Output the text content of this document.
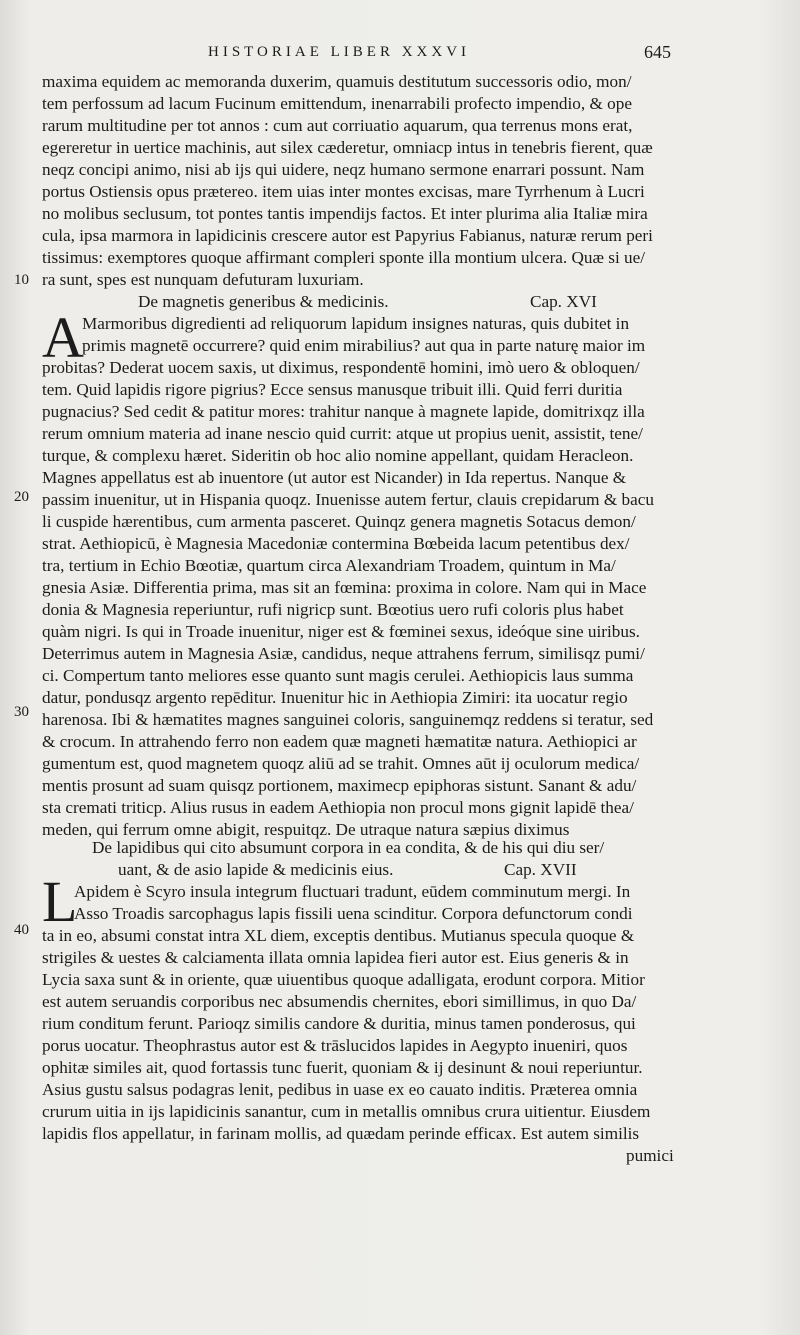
HISTORIAE LIBER XXXVI	645
10
20
30
40
maxima equidem ac memoranda duxerim, quamuis destitutum successoris odio, mon/
tem perfossum ad lacum Fucinum emittendum, inenarrabili profecto impendio, & ope
rarum multitudine per tot annos : cum aut corriuatio aquarum, qua terrenus mons erat,
egereretur in uertice machinis, aut silex cæderetur, omniacp intus in tenebris fierent, quæ
neqz concipi animo, nisi ab ijs qui uidere, neqz humano sermone enarrari possunt. Nam
portus Ostiensis opus prætereo. item uias inter montes excisas, mare Tyrrhenum à Lucri
no molibus seclusum, tot pontes tantis impendijs factos. Et inter plurima alia Italiæ mira
cula, ipsa marmora in lapidicinis crescere autor est Papyrius Fabianus, naturæ rerum peri
tissimus: exemptores quoque affirmant compleri sponte illa montium ulcera. Quæ si ue/
ra sunt, spes est nunquam defuturam luxuriam.
De magnetis generibus & medicinis.	Cap. XVI
A
Marmoribus digredienti ad reliquorum lapidum insignes naturas, quis dubitet in
primis magnetē occurrere? quid enim mirabilius? aut qua in parte naturę maior im
probitas? Dederat uocem saxis, ut diximus, respondentē homini, imò uero & obloquen/
tem. Quid lapidis rigore pigrius? Ecce sensus manusque tribuit illi. Quid ferri duritia
pugnacius? Sed cedit & patitur mores: trahitur nanque à magnete lapide, domitrixqz illa
rerum omnium materia ad inane nescio quid currit: atque ut propius uenit, assistit, tene/
turque, & complexu hæret. Sideritin ob hoc alio nomine appellant, quidam Heracleon.
Magnes appellatus est ab inuentore (ut autor est Nicander) in Ida repertus. Nanque &
passim inuenitur, ut in Hispania quoqz. Inuenisse autem fertur, clauis crepidarum & bacu
li cuspide hærentibus, cum armenta pasceret. Quinqz genera magnetis Sotacus demon/
strat. Aethiopicū, è Magnesia Macedoniæ contermina Bœbeida lacum petentibus dex/
tra, tertium in Echio Bœotiæ, quartum circa Alexandriam Troadem, quintum in Ma/
gnesia Asiæ. Differentia prima, mas sit an fœmina: proxima in colore. Nam qui in Mace
donia & Magnesia reperiuntur, rufi nigricp sunt. Bœotius uero rufi coloris plus habet
quàm nigri. Is qui in Troade inuenitur, niger est & fœminei sexus, ideóque sine uiribus.
Deterrimus autem in Magnesia Asiæ, candidus, neque attrahens ferrum, similisqz pumi/
ci. Compertum tanto meliores esse quanto sunt magis cerulei. Aethiopicis laus summa
datur, pondusqz argento repēditur. Inuenitur hic in Aethiopia Zimiri: ita uocatur regio
harenosa. Ibi & hæmatites magnes sanguinei coloris, sanguinemqz reddens si teratur, sed
& crocum. In attrahendo ferro non eadem quæ magneti hæmatitæ natura. Aethiopici ar
gumentum est, quod magnetem quoqz aliū ad se trahit. Omnes aūt ij oculorum medica/
mentis prosunt ad suam quisqz portionem, maximecp epiphoras sistunt. Sanant & adu/
sta cremati triticp. Alius rusus in eadem Aethiopia non procul mons gignit lapidē thea/
meden, qui ferrum omne abigit, respuitqz. De utraque natura sæpius diximus
De lapidibus qui cito absumunt corpora in ea condita, & de his qui diu ser/
uant, & de asio lapide & medicinis eius.	Cap. XVII
L
Apidem è Scyro insula integrum fluctuari tradunt, eūdem comminutum mergi. In
Asso Troadis sarcophagus lapis fissili uena scinditur. Corpora defunctorum condi
ta in eo, absumi constat intra XL diem, exceptis dentibus. Mutianus specula quoque &
strigiles & uestes & calciamenta illata omnia lapidea fieri autor est. Eius generis & in
Lycia saxa sunt & in oriente, quæ uiuentibus quoque adalligata, erodunt corpora. Mitior
est autem seruandis corporibus nec absumendis chernites, ebori simillimus, in quo Da/
rium conditum ferunt. Parioqz similis candore & duritia, minus tamen ponderosus, qui
porus uocatur. Theophrastus autor est & trāslucidos lapides in Aegypto inueniri, quos
ophitæ similes ait, quod fortassis tunc fuerit, quoniam & ij desinunt & noui reperiuntur.
Asius gustu salsus podagras lenit, pedibus in uase ex eo cauato inditis. Præterea omnia
crurum uitia in ijs lapidicinis sanantur, cum in metallis omnibus crura uitientur. Eiusdem
lapidis flos appellatur, in farinam mollis, ad quædam perinde efficax. Est autem similis
pumici
